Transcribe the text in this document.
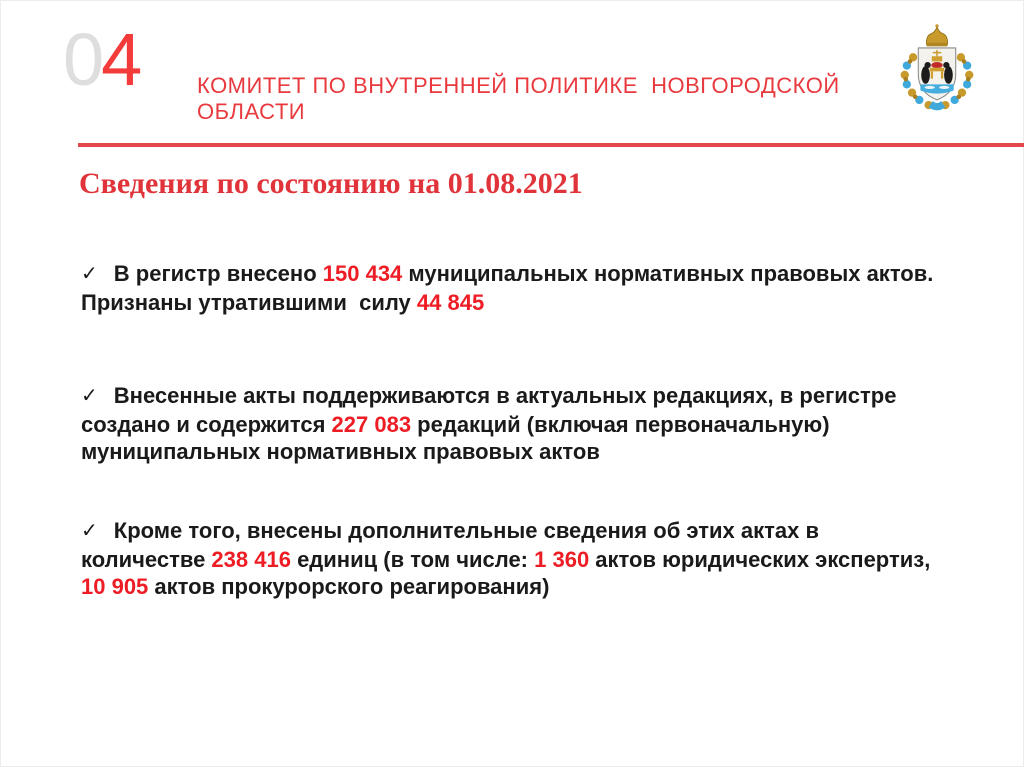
04	КОМИТЕТ ПО ВНУТРЕННЕЙ ПОЛИТИКЕ  НОВГОРОДСКОЙ ОБЛАСТИ
Сведения по состоянию на 01.08.2021

✓ В регистр внесено 150 434 муниципальных нормативных правовых актов.
Признаны утратившими  силу 44 845

✓ Внесенные акты поддерживаются в актуальных редакциях, в регистре
создано и содержится 227 083 редакций (включая первоначальную)
муниципальных нормативных правовых актов

✓ Кроме того, внесены дополнительные сведения об этих актах в
количестве 238 416 единиц (в том числе: 1 360 актов юридических экспертиз,
10 905 актов прокурорского реагирования)
